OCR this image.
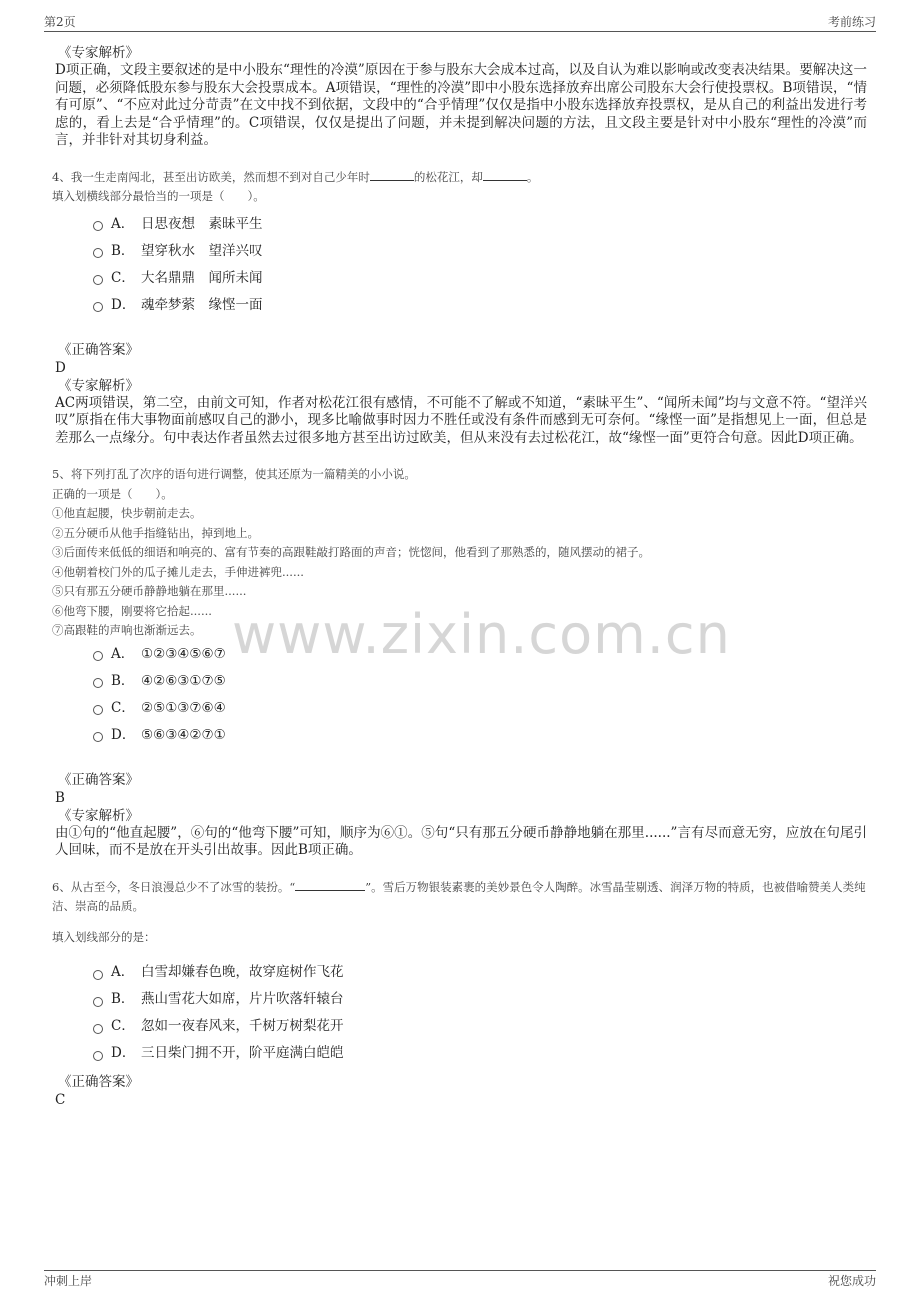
第2页	考前练习
www.zixin.com.cn

《专家解析》

D项正确，文段主要叙述的是中小股东“理性的冷漠”原因在于参与股东大会成本过高，以及自认为难以影响或改变表决结果。要解决这一问题，必须降低股东参与股东大会投票成本。A项错误，“理性的冷漠”即中小股东选择放弃出席公司股东大会行使投票权。B项错误，“情有可原”、“不应对此过分苛责”在文中找不到依据，文段中的“合乎情理”仅仅是指中小股东选择放弃投票权，是从自己的利益出发进行考虑的，看上去是“合乎情理”的。C项错误，仅仅是提出了问题，并未提到解决问题的方法，且文段主要是针对中小股东“理性的冷漠”而言，并非针对其切身利益。

4、我一生走南闯北，甚至出访欧美，然而想不到对自己少年时	的松花江，却	。

填入划横线部分最恰当的一项是（　　）。

A． 日思夜想　素昧平生
B． 望穿秋水　望洋兴叹
C． 大名鼎鼎　闻所未闻
D． 魂牵梦萦　缘悭一面

《正确答案》

D

《专家解析》

AC两项错误，第二空，由前文可知，作者对松花江很有感情，不可能不了解或不知道，“素昧平生”、“闻所未闻”均与文意不符。“望洋兴叹”原指在伟大事物面前感叹自己的渺小，现多比喻做事时因力不胜任或没有条件而感到无可奈何。“缘悭一面”是指想见上一面，但总是差那么一点缘分。句中表达作者虽然去过很多地方甚至出访过欧美，但从来没有去过松花江，故“缘悭一面”更符合句意。因此D项正确。

5、将下列打乱了次序的语句进行调整，使其还原为一篇精美的小小说。

正确的一项是（　　）。

①他直起腰，快步朝前走去。

②五分硬币从他手指缝钻出，掉到地上。

③后面传来低低的细语和响亮的、富有节奏的高跟鞋敲打路面的声音；恍惚间，他看到了那熟悉的，随风摆动的裙子。

④他朝着校门外的瓜子摊儿走去，手伸进裤兜......

⑤只有那五分硬币静静地躺在那里......

⑥他弯下腰，刚要将它拾起......

⑦高跟鞋的声响也渐渐远去。

A． ①②③④⑤⑥⑦
B． ④②⑥③①⑦⑤
C． ②⑤①③⑦⑥④
D． ⑤⑥③④②⑦①

《正确答案》

B

《专家解析》

由①句的“他直起腰”，⑥句的“他弯下腰”可知，顺序为⑥①。⑤句“只有那五分硬币静静地躺在那里......”言有尽而意无穷，应放在句尾引人回味，而不是放在开头引出故事。因此B项正确。

6、从古至今，冬日浪漫总少不了冰雪的装扮。“	”。雪后万物银装素裹的美妙景色令人陶醉。冰雪晶莹剔透、润泽万物的特质，也被借喻赞美人类纯洁、崇高的品质。

填入划线部分的是：

A． 白雪却嫌春色晚，故穿庭树作飞花
B． 燕山雪花大如席，片片吹落轩辕台
C． 忽如一夜春风来，千树万树梨花开
D． 三日柴门拥不开，阶平庭满白皑皑

《正确答案》

C

冲刺上岸	祝您成功
